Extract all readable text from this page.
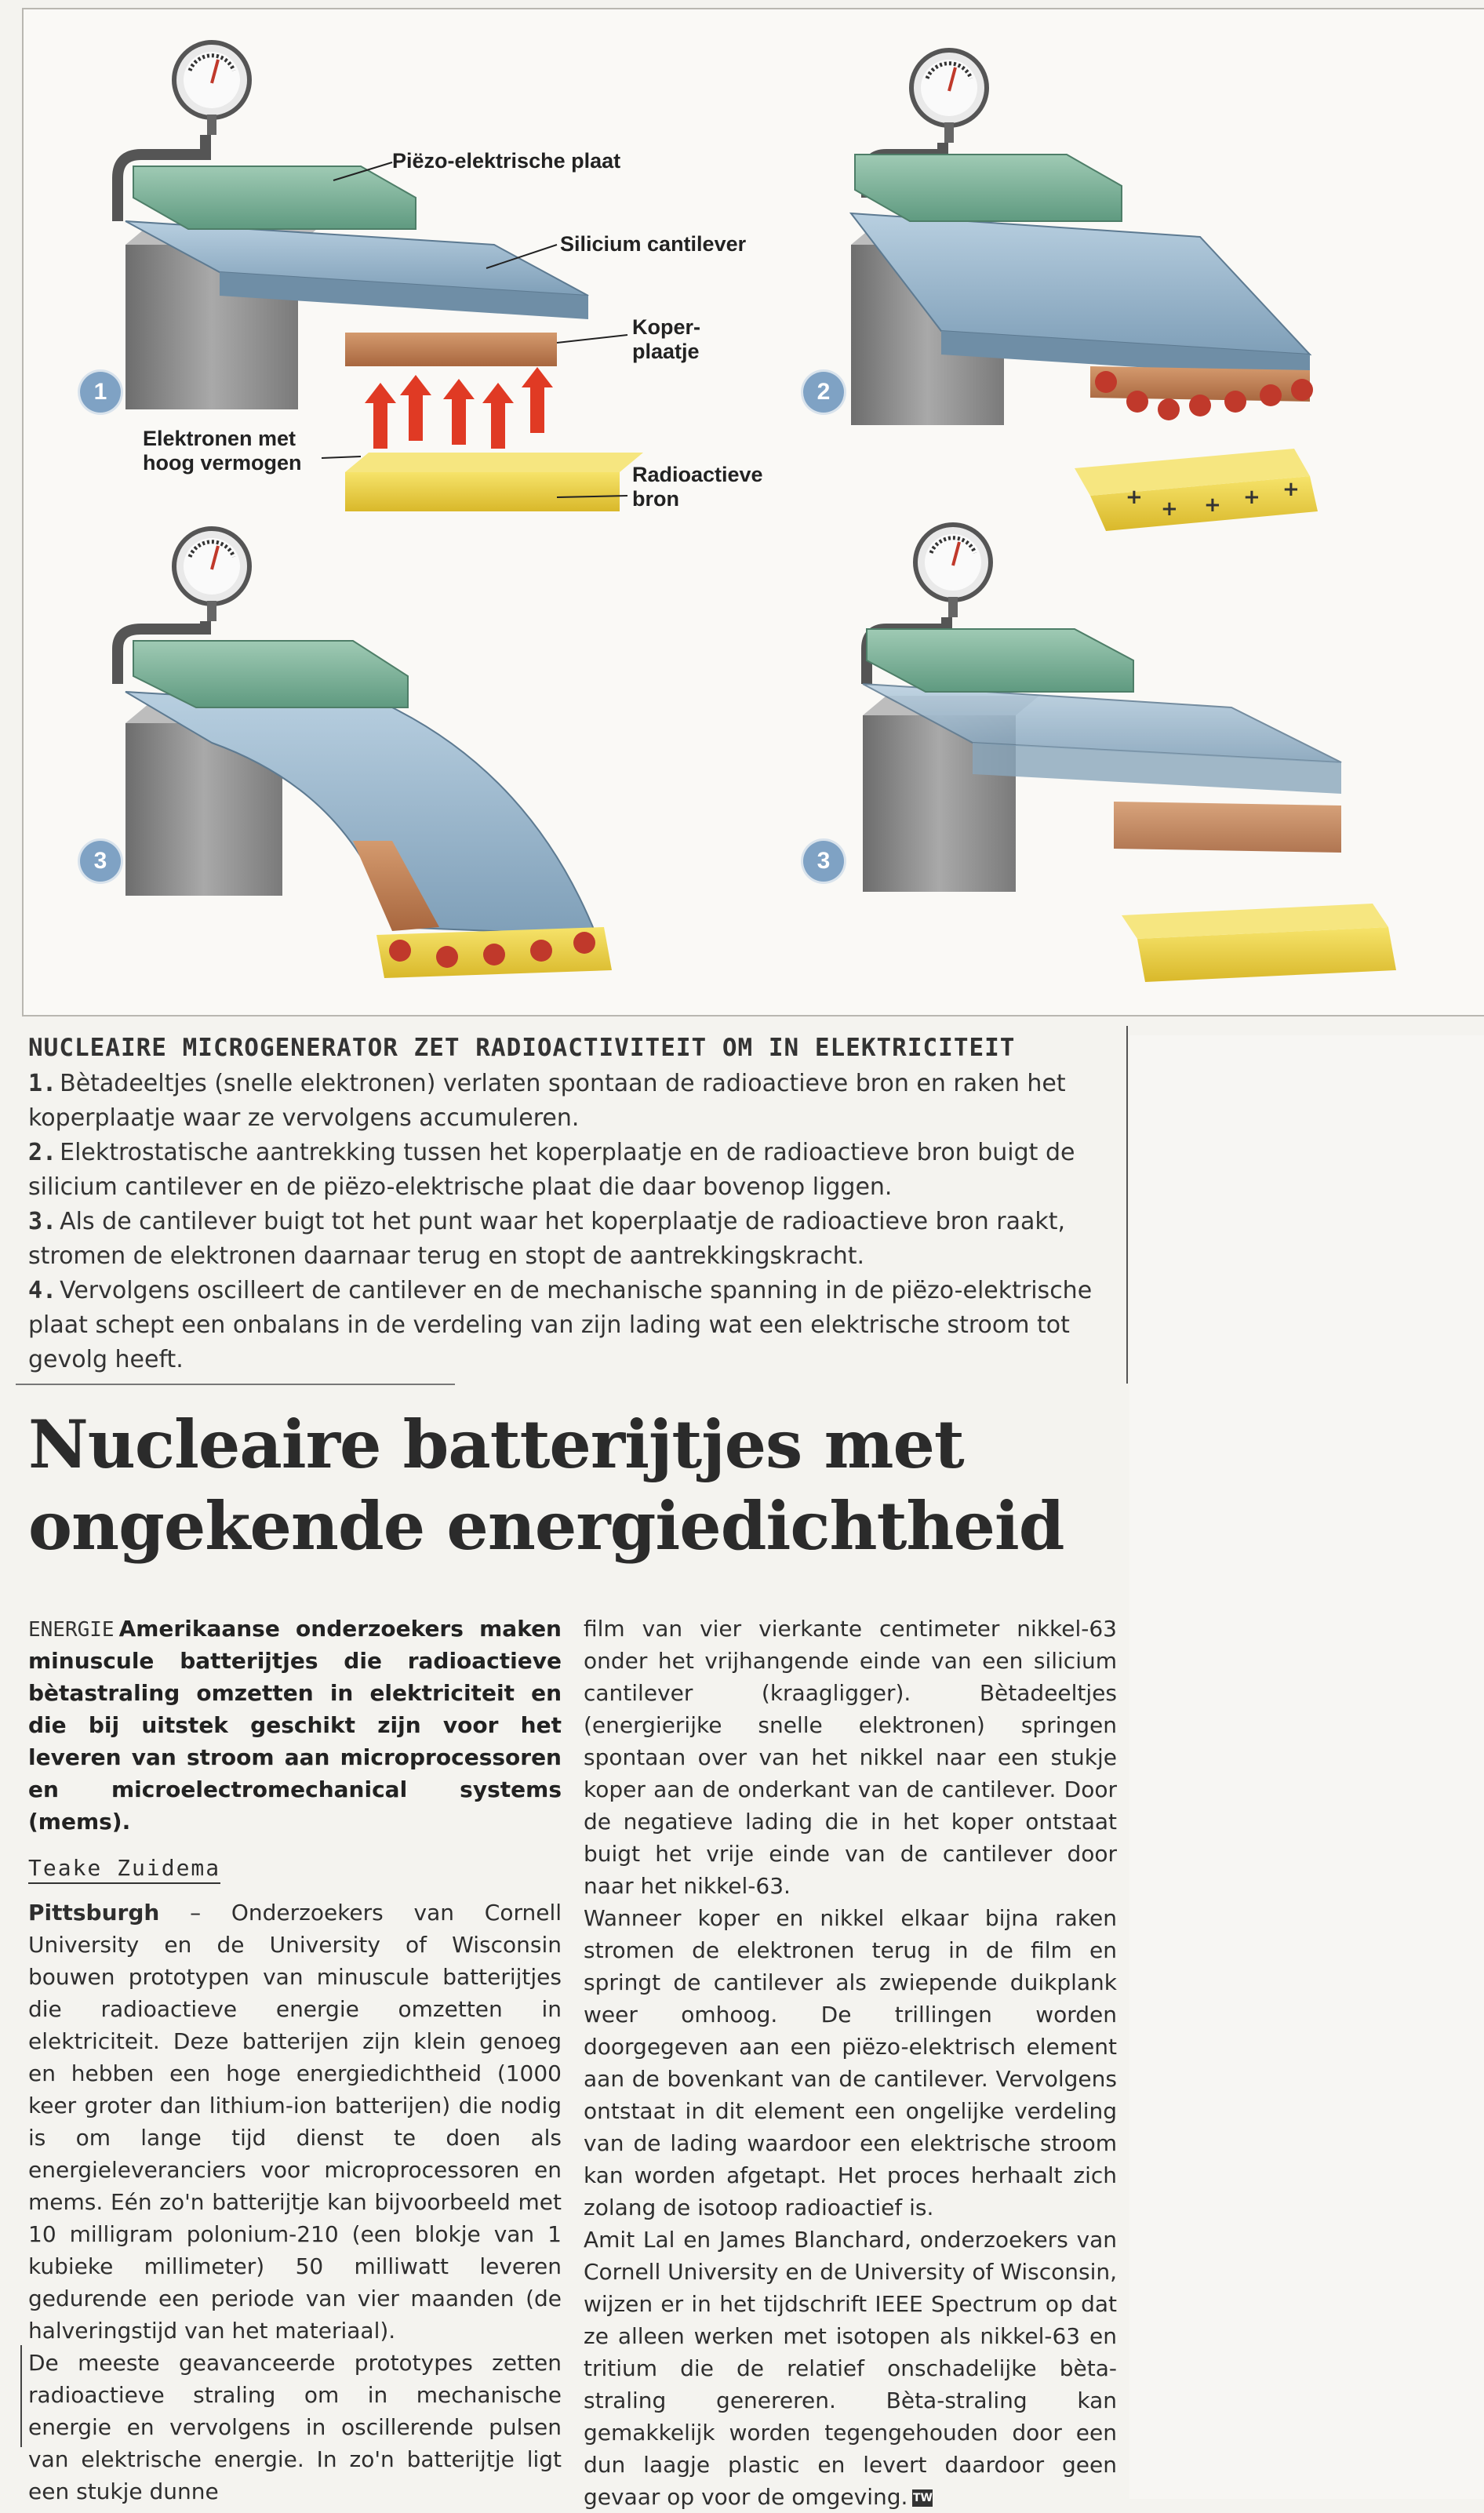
+ + + + +
Piëzo-elektrische plaat
Silicium cantilever
Koper-
plaatje
Elektronen met
hoog vermogen	Radioactieve
bron
1	2
3	3

NUCLEAIRE MICROGENERATOR ZET RADIOACTIVITEIT OM IN ELEKTRICITEIT

1. Bètadeeltjes (snelle elektronen) verlaten spontaan de radioactieve bron en raken het koperplaatje waar ze vervolgens accumuleren.

2. Elektrostatische aantrekking tussen het koperplaatje en de radioactieve bron buigt de silicium cantilever en de piëzo-elektrische plaat die daar bovenop liggen.

3. Als de cantilever buigt tot het punt waar het koperplaatje de radioactieve bron raakt, stromen de elektronen daarnaar terug en stopt de aantrekkingskracht.

4. Vervolgens oscilleert de cantilever en de mechanische spanning in de piëzo-elektrische plaat schept een onbalans in de verdeling van zijn lading wat een elektrische stroom tot gevolg heeft.

Nucleaire batterijtjes met ongekende energiedichtheid

ENERGIE Amerikaanse onderzoekers maken minuscule batterijtjes die radioactieve bètastraling omzetten in elektriciteit en die bij uitstek geschikt zijn voor het leveren van stroom aan microprocessoren en microelectromechanical systems (mems).

Teake Zuidema

Pittsburgh – Onderzoekers van Cornell University en de University of Wisconsin bouwen prototypen van minuscule batterijtjes die radioactieve energie omzetten in elektriciteit. Deze batterijen zijn klein genoeg en hebben een hoge energiedichtheid (1000 keer groter dan lithium-ion batterijen) die nodig is om lange tijd dienst te doen als energieleveranciers voor microprocessoren en mems. Eén zo'n batterijtje kan bijvoorbeeld met 10 milligram polonium-210 (een blokje van 1 kubieke millimeter) 50 milliwatt leveren gedurende een periode van vier maanden (de halveringstijd van het materiaal).

De meeste geavanceerde prototypes zetten radioactieve straling om in mechanische energie en vervolgens in oscillerende pulsen van elektrische energie. In zo'n batterijtje ligt een stukje dunne

film van vier vierkante centimeter nikkel-63 onder het vrijhangende einde van een silicium cantilever (kraagligger). Bètadeeltjes (energierijke snelle elektronen) springen spontaan over van het nikkel naar een stukje koper aan de onderkant van de cantilever. Door de negatieve lading die in het koper ontstaat buigt het vrije einde van de cantilever door naar het nikkel-63.

Wanneer koper en nikkel elkaar bijna raken stromen de elektronen terug in de film en springt de cantilever als zwiepende duikplank weer omhoog. De trillingen worden doorgegeven aan een piëzo-elektrisch element aan de bovenkant van de cantilever. Vervolgens ontstaat in dit element een ongelijke verdeling van de lading waardoor een elektrische stroom kan worden afgetapt. Het proces herhaalt zich zolang de isotoop radioactief is.

Amit Lal en James Blanchard, onderzoekers van Cornell University en de University of Wisconsin, wijzen er in het tijdschrift IEEE Spectrum op dat ze alleen werken met isotopen als nikkel-63 en tritium die de relatief onschadelijke bèta-straling genereren. Bèta-straling kan gemakkelijk worden tegengehouden door een dun laagje plastic en levert daardoor geen gevaar op voor de omgeving. TW
